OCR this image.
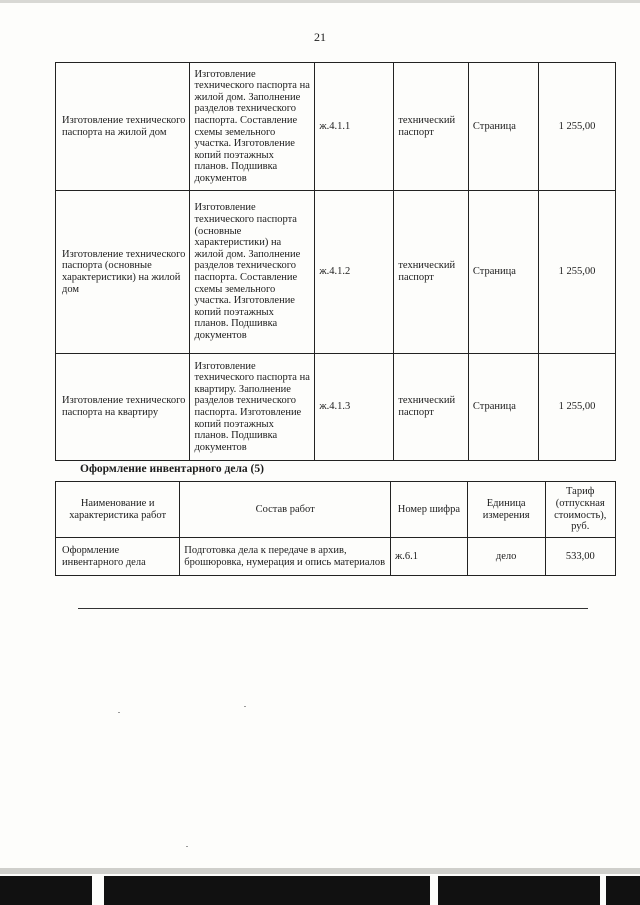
21
Изготовление технического паспорта на жилой дом	Изготовление технического паспорта на жилой дом. Заполнение разделов технического паспорта. Составление схемы земельного участка. Изготовление копий поэтажных планов. Подшивка документов	ж.4.1.1	технический паспорт	Страница	1 255,00
Изготовление технического паспорта (основные характеристики) на жилой дом	Изготовление технического паспорта (основные характеристики) на жилой дом. Заполнение разделов технического паспорта. Составление схемы земельного участка. Изготовление копий поэтажных планов. Подшивка документов	ж.4.1.2	технический паспорт	Страница	1 255,00
Изготовление технического паспорта на квартиру	Изготовление технического паспорта на квартиру. Заполнение разделов технического паспорта. Изготовление копий поэтажных планов. Подшивка документов	ж.4.1.3	технический паспорт	Страница	1 255,00
Оформление инвентарного дела (5)
Наименование и характеристика работ	Состав работ	Номер шифра	Единица измерения	Тариф (отпускная стоимость), руб.
Оформление инвентарного дела	Подготовка дела к передаче в архив, брошюровка, нумерация и опись материалов	ж.6.1	дело	533,00
